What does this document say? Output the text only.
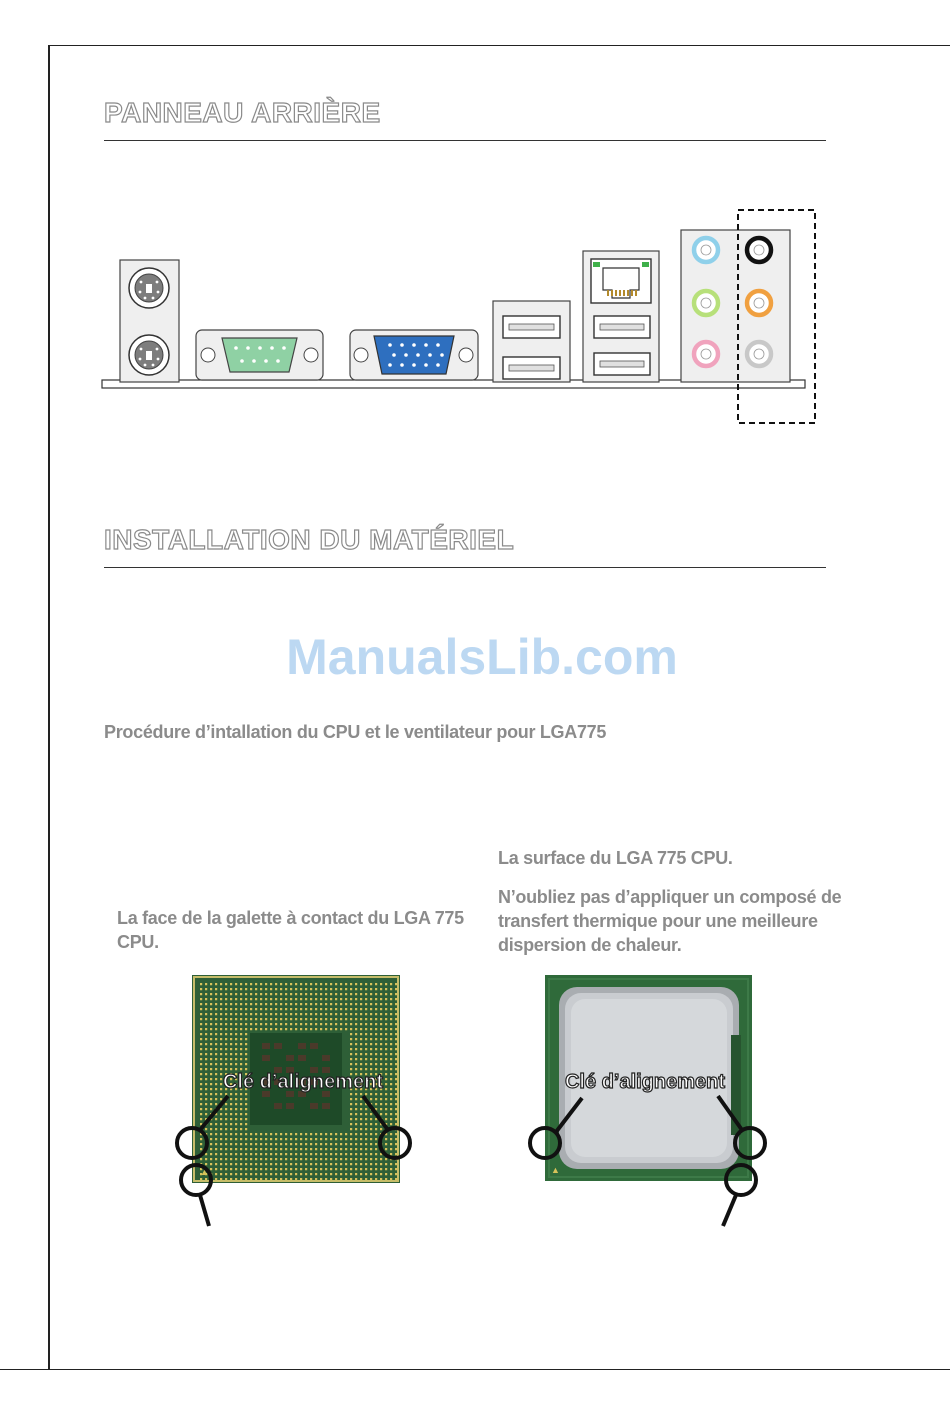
PANNEAU ARRIÈRE
INSTALLATION DU MATÉRIEL
ManualsLib.com

Procédure d’intallation du CPU et le ventilateur pour LGA775

La face de la galette à contact du LGA 775 CPU.

La surface du LGA 775 CPU.

N’oubliez pas d’appliquer un composé de transfert thermique pour une meilleure dispersion de chaleur.

▲	▲
Clé d’alignement	Clé d’alignement
